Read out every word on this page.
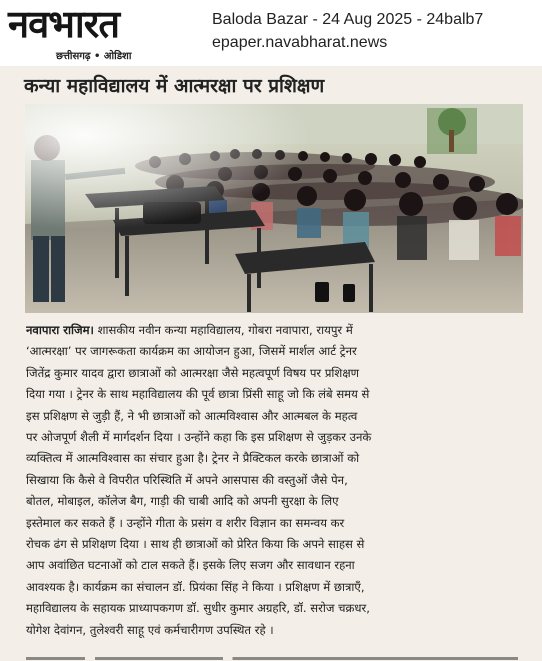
नवभारत
छत्तीसगढ़ • ओडिशा
Baloda Bazar - 24 Aug 2025 - 24balb7
epaper.navabharat.news
कन्या महाविद्यालय में आत्मरक्षा पर प्रशिक्षण
नवापारा राजिम। शासकीय नवीन कन्या महाविद्यालय, गोबरा नवापारा, रायपुर में
‘आत्मरक्षा’ पर जागरूकता कार्यक्रम का आयोजन हुआ, जिसमें मार्शल आर्ट ट्रेनर
जितेंद्र कुमार यादव द्वारा छात्राओं को आत्मरक्षा जैसे महत्वपूर्ण विषय पर प्रशिक्षण
दिया गया । ट्रेनर के साथ महाविद्यालय की पूर्व छात्रा प्रिंसी साहू जो कि लंबे समय से
इस प्रशिक्षण से जुड़ी हैं, ने भी छात्राओं को आत्मविश्वास और आत्मबल के महत्व
पर ओजपूर्ण शैली में मार्गदर्शन दिया । उन्होंने कहा कि इस प्रशिक्षण से जुड़कर उनके
व्यक्तित्व में आत्मविश्वास का संचार हुआ है। ट्रेनर ने प्रैक्टिकल करके छात्राओं को
सिखाया कि कैसे वे विपरीत परिस्थिति में अपने आसपास की वस्तुओं जैसे पेन,
बोतल, मोबाइल, कॉलेज बैग, गाड़ी की चाबी आदि को अपनी सुरक्षा के लिए
इस्तेमाल कर सकते हैं । उन्होंने गीता के प्रसंग व शरीर विज्ञान का समन्वय कर
रोचक ढंग से प्रशिक्षण दिया । साथ ही छात्राओं को प्रेरित किया कि अपने साहस से
आप अवांछित घटनाओं को टाल सकते हैं। इसके लिए सजग और सावधान रहना
आवश्यक है। कार्यक्रम का संचालन डॉ. प्रियंका सिंह ने किया । प्रशिक्षण में छात्राएँ,
महाविद्यालय के सहायक प्राध्यापकगण डॉ. सुधीर कुमार अग्रहरि, डॉ. सरोज चक्रधर,
योगेश देवांगन, तुलेश्वरी साहू एवं कर्मचारीगण उपस्थित रहे ।
